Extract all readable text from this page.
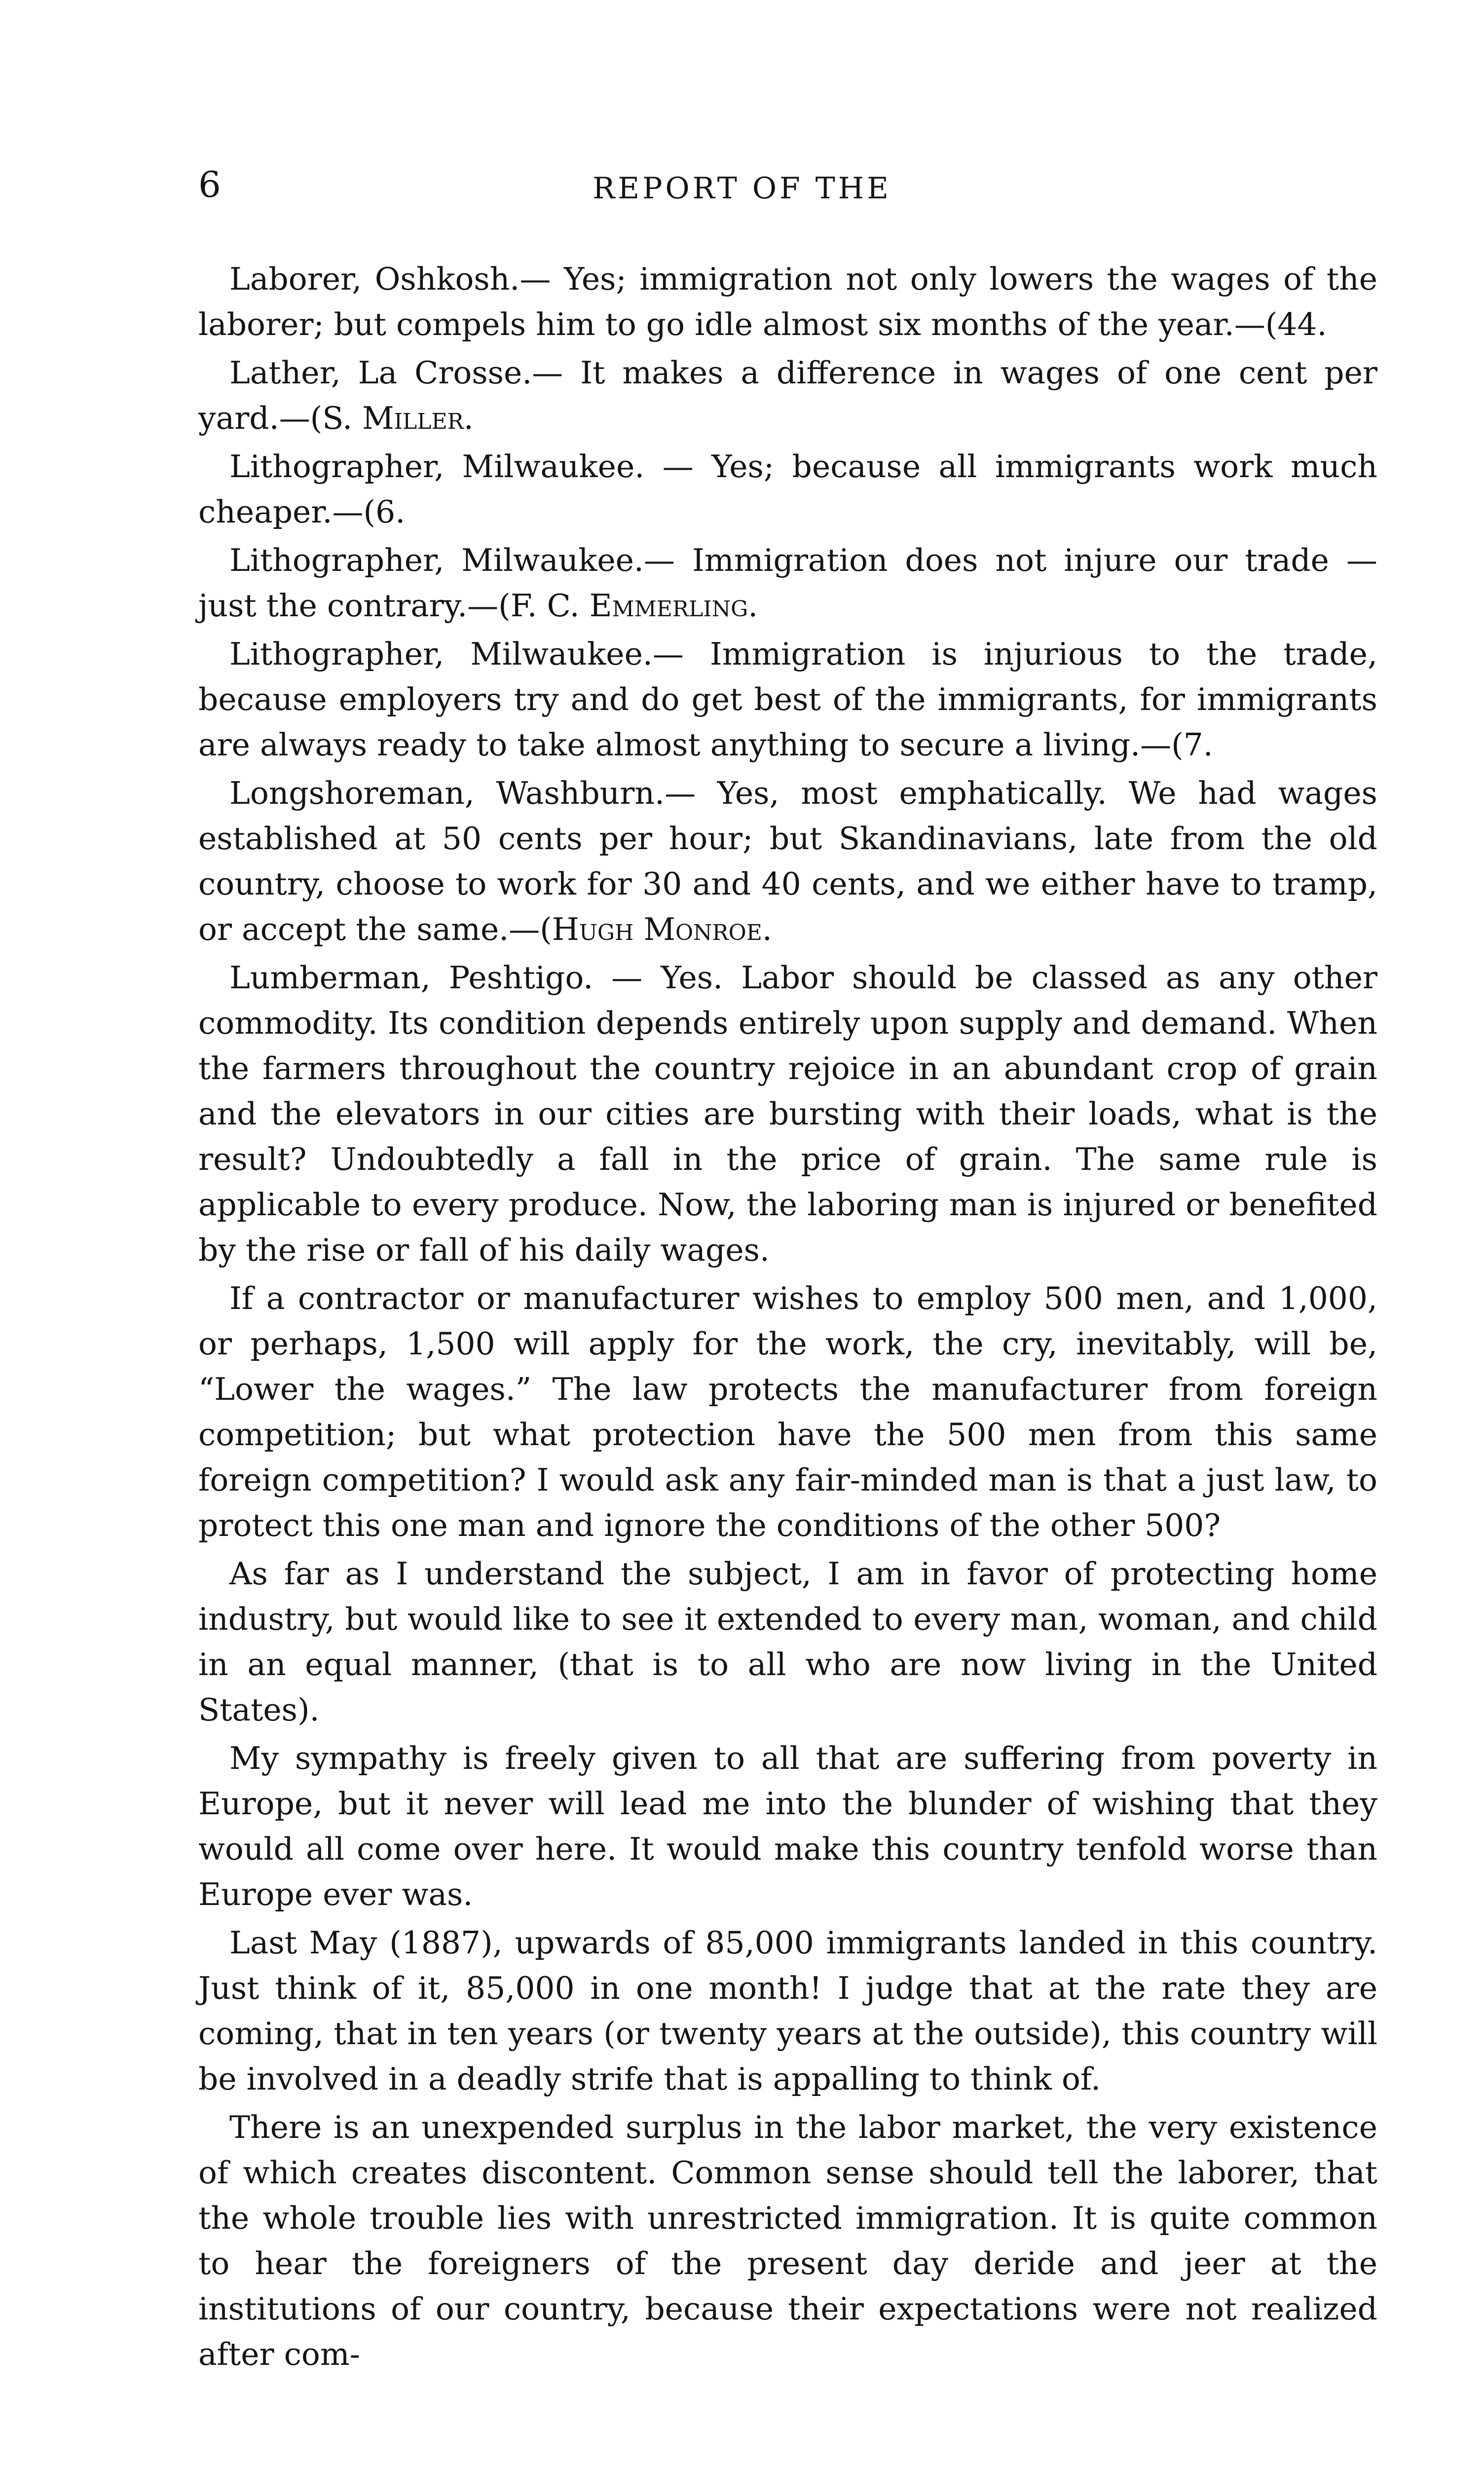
6	REPORT OF THE

Laborer, Oshkosh.— Yes; immigration not only lowers the wages of the laborer; but compels him to go idle almost six months of the year.—(44.

Lather, La Crosse.— It makes a difference in wages of one cent per yard.—(S. Miller.

Lithographer, Milwaukee. — Yes; because all immigrants work much cheaper.—(6.

Lithographer, Milwaukee.— Immigration does not injure our trade — just the contrary.—(F. C. Emmerling.

Lithographer, Milwaukee.— Immigration is injurious to the trade, because employers try and do get best of the immigrants, for immigrants are always ready to take almost anything to secure a living.—(7.

Longshoreman, Washburn.— Yes, most emphatically. We had wages established at 50 cents per hour; but Skandinavians, late from the old country, choose to work for 30 and 40 cents, and we either have to tramp, or accept the same.—(Hugh Monroe.

Lumberman, Peshtigo. — Yes. Labor should be classed as any other commodity. Its condition depends entirely upon supply and demand. When the farmers throughout the country rejoice in an abundant crop of grain and the elevators in our cities are bursting with their loads, what is the result? Undoubtedly a fall in the price of grain. The same rule is applicable to every produce. Now, the laboring man is injured or benefited by the rise or fall of his daily wages.

If a contractor or manufacturer wishes to employ 500 men, and 1,000, or perhaps, 1,500 will apply for the work, the cry, inevitably, will be, “Lower the wages.” The law protects the manufacturer from foreign competition; but what protection have the 500 men from this same foreign competition? I would ask any fair-minded man is that a just law, to protect this one man and ignore the conditions of the other 500?

As far as I understand the subject, I am in favor of protecting home industry, but would like to see it extended to every man, woman, and child in an equal manner, (that is to all who are now living in the United States).

My sympathy is freely given to all that are suffering from poverty in Europe, but it never will lead me into the blunder of wishing that they would all come over here. It would make this country tenfold worse than Europe ever was.

Last May (1887), upwards of 85,000 immigrants landed in this country. Just think of it, 85,000 in one month! I judge that at the rate they are coming, that in ten years (or twenty years at the outside), this country will be involved in a deadly strife that is appalling to think of.

There is an unexpended surplus in the labor market, the very existence of which creates discontent. Common sense should tell the laborer, that the whole trouble lies with unrestricted immigration. It is quite common to hear the foreigners of the present day deride and jeer at the institutions of our country, because their expectations were not realized after com-
